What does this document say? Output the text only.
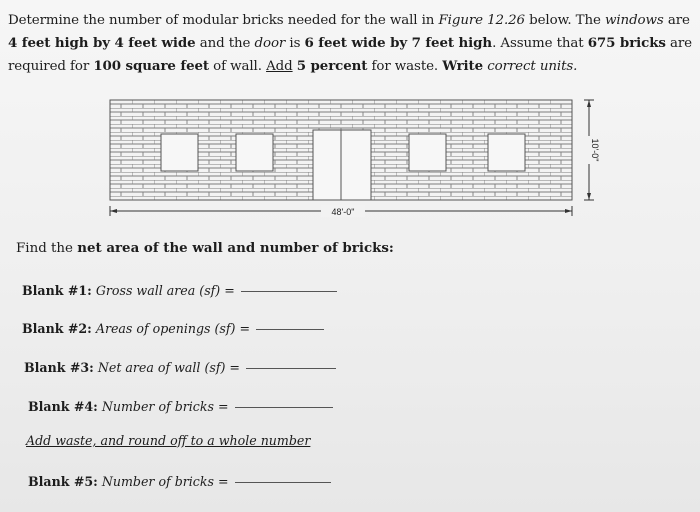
Determine the number of modular bricks needed for the wall in Figure 12.26 below. The windows are 4 feet high by 4 feet wide and the door is 6 feet wide by 7 feet high. Assume that 675 bricks are required for 100 square feet of wall. Add 5 percent for waste. Write correct units.
48'-0"
10'-0"
Find the net area of the wall and number of bricks:
Blank #1: Gross wall area (sf) =
Blank #2: Areas of openings (sf) =
Blank #3: Net area of wall (sf) =
Blank #4: Number of bricks =
Add waste, and round off to a whole number
Blank #5: Number of bricks =
